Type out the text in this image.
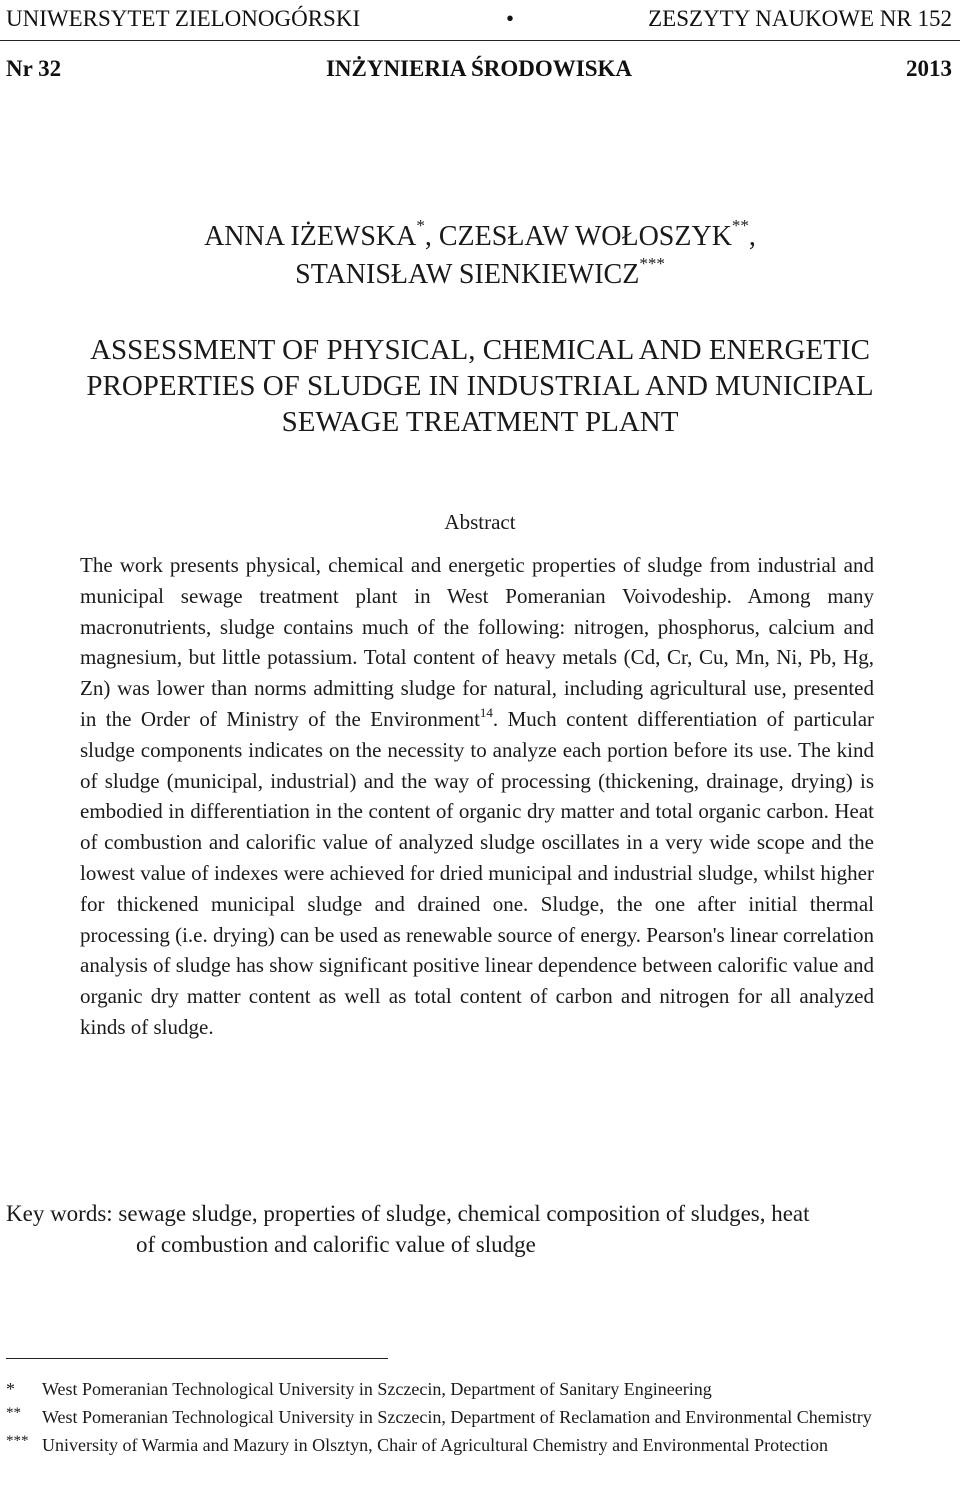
UNIWERSYTET ZIELONOGÓRSKI	•	ZESZYTY NAUKOWE NR 152
Nr 32	INŻYNIERIA ŚRODOWISKA	2013
ANNA IŻEWSKA*, CZESŁAW WOŁOSZYK**,
STANISŁAW SIENKIEWICZ***
ASSESSMENT OF PHYSICAL, CHEMICAL AND ENERGETIC
PROPERTIES OF SLUDGE IN INDUSTRIAL AND MUNICIPAL
SEWAGE TREATMENT PLANT
Abstract
The work presents physical, chemical and energetic properties of sludge from industrial and municipal sewage treatment plant in West Pomeranian Voivodeship. Among many macronutrients, sludge contains much of the following: nitrogen, phosphorus, calcium and magnesium, but little potassium. Total content of heavy metals (Cd, Cr, Cu, Mn, Ni, Pb, Hg, Zn) was lower than norms admitting sludge for natural, including agricultural use, presented in the Order of Ministry of the Environment$^{14}$. Much content differentiation of particular sludge components indicates on the necessity to analyze each portion before its use. The kind of sludge (municipal, industrial) and the way of processing (thickening, drainage, drying) is embodied in differentiation in the content of organic dry matter and total organic carbon. Heat of combustion and calorific value of analyzed sludge oscillates in a very wide scope and the lowest value of indexes were achieved for dried municipal and industrial sludge, whilst higher for thickened municipal sludge and drained one. Sludge, the one after initial thermal processing (i.e. drying) can be used as renewable source of energy. Pearson's linear correlation analysis of sludge has show significant positive linear dependence between calorific value and organic dry matter content as well as total content of carbon and nitrogen for all analyzed kinds of sludge.
Key words: sewage sludge, properties of sludge, chemical composition of sludges, heat
of combustion and calorific value of sludge
* West Pomeranian Technological University in Szczecin, Department of Sanitary Engineering
** West Pomeranian Technological University in Szczecin, Department of Reclamation and Environmental Chemistry
*** University of Warmia and Mazury in Olsztyn, Chair of Agricultural Chemistry and Environmental Protection
